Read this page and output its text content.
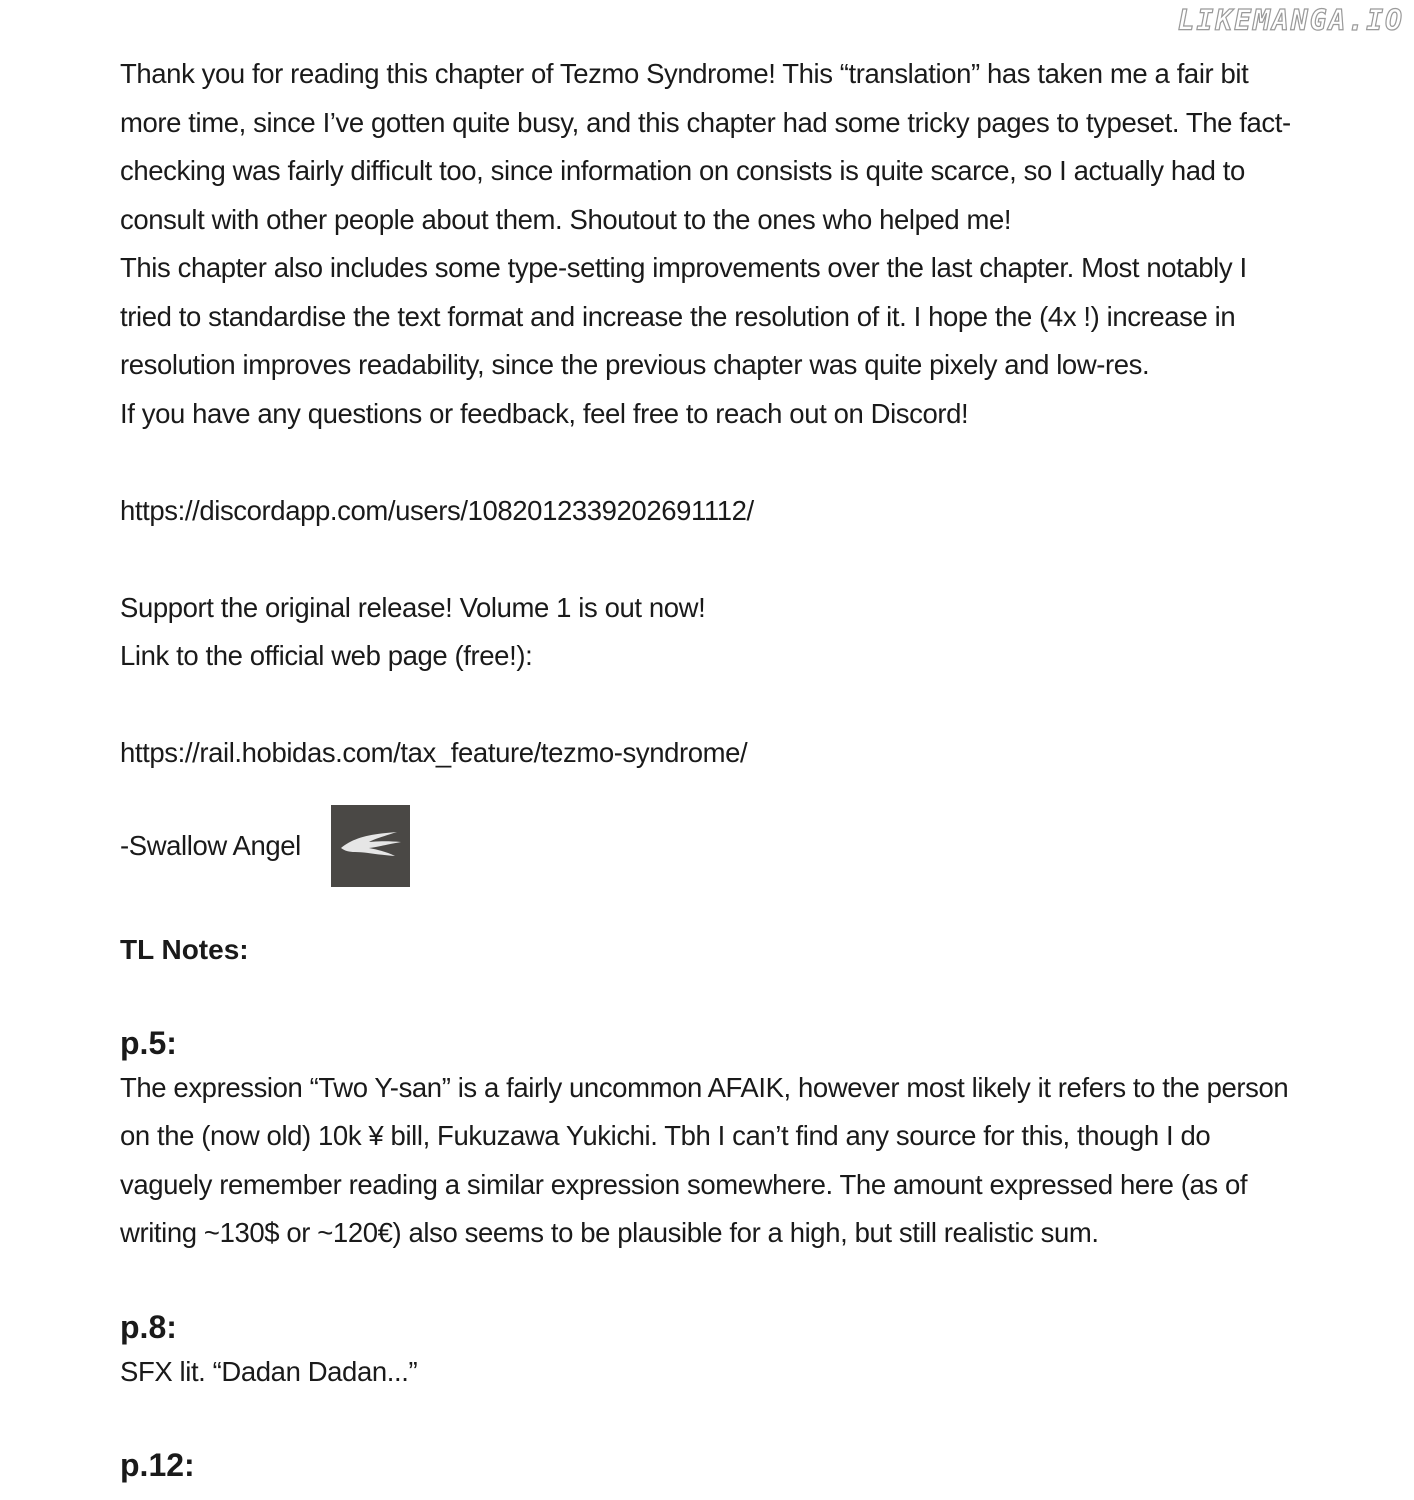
LIKEMANGA.IO

Thank you for reading this chapter of Tezmo Syndrome! This “translation” has taken me a fair bit more time, since I’ve gotten quite busy, and this chapter had some tricky pages to typeset. The fact-checking was fairly difficult too, since information on consists is quite scarce, so I actually had to consult with other people about them. Shoutout to the ones who helped me!

This chapter also includes some type-setting improvements over the last chapter. Most notably I tried to standardise the text format and increase the resolution of it. I hope the (4x !) increase in resolution improves readability, since the previous chapter was quite pixely and low-res.

If you have any questions or feedback, feel free to reach out on Discord!

https://discordapp.com/users/1082012339202691112/

Support the original release! Volume 1 is out now!

Link to the official web page (free!):

https://rail.hobidas.com/tax_feature/tezmo-syndrome/

-Swallow Angel

TL Notes:

p.5:

The expression “Two Y-san” is a fairly uncommon AFAIK, however most likely it refers to the person on the (now old) 10k ¥ bill, Fukuzawa Yukichi. Tbh I can’t find any source for this, though I do vaguely remember reading a similar expression somewhere. The amount expressed here (as of writing ~130$ or ~120€) also seems to be plausible for a high, but still realistic sum.

p.8:

SFX lit. “Dadan Dadan...”

p.12:
